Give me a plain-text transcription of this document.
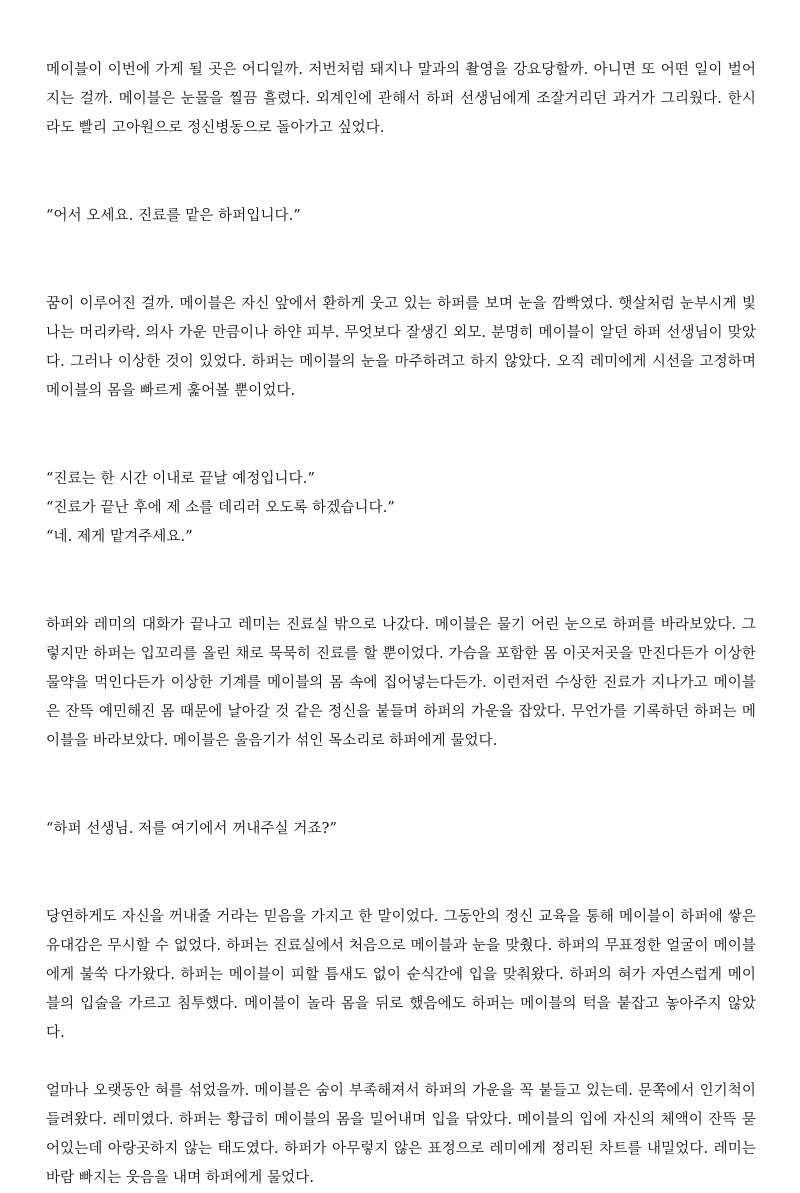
메이블이 이번에 가게 될 곳은 어디일까. 저번처럼 돼지나 말과의 촬영을 강요당할까. 아니면 또 어떤 일이 벌어지는 걸까. 메이블은 눈물을 찔끔 흘렸다. 외계인에 관해서 하퍼 선생님에게 조잘거리던 과거가 그리웠다. 한시라도 빨리 고아원으로 정신병동으로 돌아가고 싶었다.

“어서 오세요. 진료를 맡은 하퍼입니다.”

꿈이 이루어진 걸까. 메이블은 자신 앞에서 환하게 웃고 있는 하퍼를 보며 눈을 깜빡였다. 햇살처럼 눈부시게 빛나는 머리카락. 의사 가운 만큼이나 하얀 피부. 무엇보다 잘생긴 외모. 분명히 메이블이 알던 하퍼 선생님이 맞았다. 그러나 이상한 것이 있었다. 하퍼는 메이블의 눈을 마주하려고 하지 않았다. 오직 레미에게 시선을 고정하며 메이블의 몸을 빠르게 훑어볼 뿐이었다.

“진료는 한 시간 이내로 끝날 예정입니다.”

“진료가 끝난 후에 제 소를 데리러 오도록 하겠습니다.”

“네. 제게 맡겨주세요.”

하퍼와 레미의 대화가 끝나고 레미는 진료실 밖으로 나갔다. 메이블은 물기 어린 눈으로 하퍼를 바라보았다. 그렇지만 하퍼는 입꼬리를 올린 채로 묵묵히 진료를 할 뿐이었다. 가슴을 포함한 몸 이곳저곳을 만진다든가 이상한 물약을 먹인다든가 이상한 기계를 메이블의 몸 속에 집어넣는다든가. 이런저런 수상한 진료가 지나가고 메이블은 잔뜩 예민해진 몸 때문에 날아갈 것 같은 정신을 붙들며 하퍼의 가운을 잡았다. 무언가를 기록하던 하퍼는 메이블을 바라보았다. 메이블은 울음기가 섞인 목소리로 하퍼에게 물었다.

“하퍼 선생님. 저를 여기에서 꺼내주실 거죠?”

당연하게도 자신을 꺼내줄 거라는 믿음을 가지고 한 말이었다. 그동안의 정신 교육을 통해 메이블이 하퍼에 쌓은 유대감은 무시할 수 없었다. 하퍼는 진료실에서 처음으로 메이블과 눈을 맞췄다. 하퍼의 무표정한 얼굴이 메이블에게 불쑥 다가왔다. 하퍼는 메이블이 피할 틈새도 없이 순식간에 입을 맞춰왔다. 하퍼의 혀가 자연스럽게 메이블의 입술을 가르고 침투했다. 메이블이 놀라 몸을 뒤로 했음에도 하퍼는 메이블의 턱을 붙잡고 놓아주지 않았다.

얼마나 오랫동안 혀를 섞었을까. 메이블은 숨이 부족해져서 하퍼의 가운을 꼭 붙들고 있는데. 문쪽에서 인기척이 들려왔다. 레미였다. 하퍼는 황급히 메이블의 몸을 밀어내며 입을 닦았다. 메이블의 입에 자신의 체액이 잔뜩 묻어있는데 아랑곳하지 않는 태도였다. 하퍼가 아무렇지 않은 표정으로 레미에게 정리된 차트를 내밀었다. 레미는 바람 빠지는 웃음을 내며 하퍼에게 물었다.
